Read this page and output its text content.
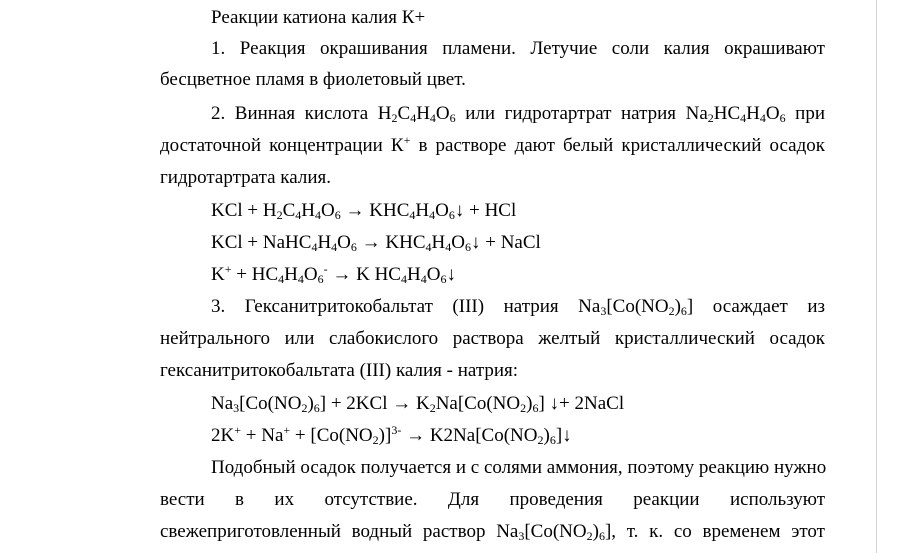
Реакции катиона калия К+
1. Реакция окрашивания пламени. Летучие соли калия окрашивают
бесцветное пламя в фиолетовый цвет.
2. Винная кислота $H_2C_4H_4O_6$ или гидротартрат натрия $Na_2HC_4H_4O_6$ при
достаточной концентрации К+ в растворе дают белый кристаллический осадок
гидротартрата калия.
KCl + $H_2C_4H_4O_6$ → $KHC_4H_4O_6↓$ + HCl
KCl + $NaHC_4H_4O_6$ → $KHC_4H_4O_6↓$ + NaCl
$K^+ + HC_4H_4O_6^- \to K$ $HC_4H_4O_6↓$
3. Гексанитритокобальтат (III) натрия $Na_3[Co(NO_2)_6]$ осаждает из
нейтрального или слабокислого раствора желтый кристаллический осадок
гексанитритокобальтата (III) калия - натрия:
$Na_3[Co(NO_2)_6] + 2KCl \to K_2Na[Co(NO_2)_6]$ ↓+ 2NaCl
$2K^+ + Na^+ + [Co(NO_2)]^{3-}$ → $K2Na[Co(NO_2)_6]↓$
Подобный осадок получается и с солями аммония, поэтому реакцию нужно
вести в их отсутствие. Для проведения реакции используют
свежеприготовленный водный раствор $Na_3[Co(NO_2)_6]$, т. к. со временем этот
